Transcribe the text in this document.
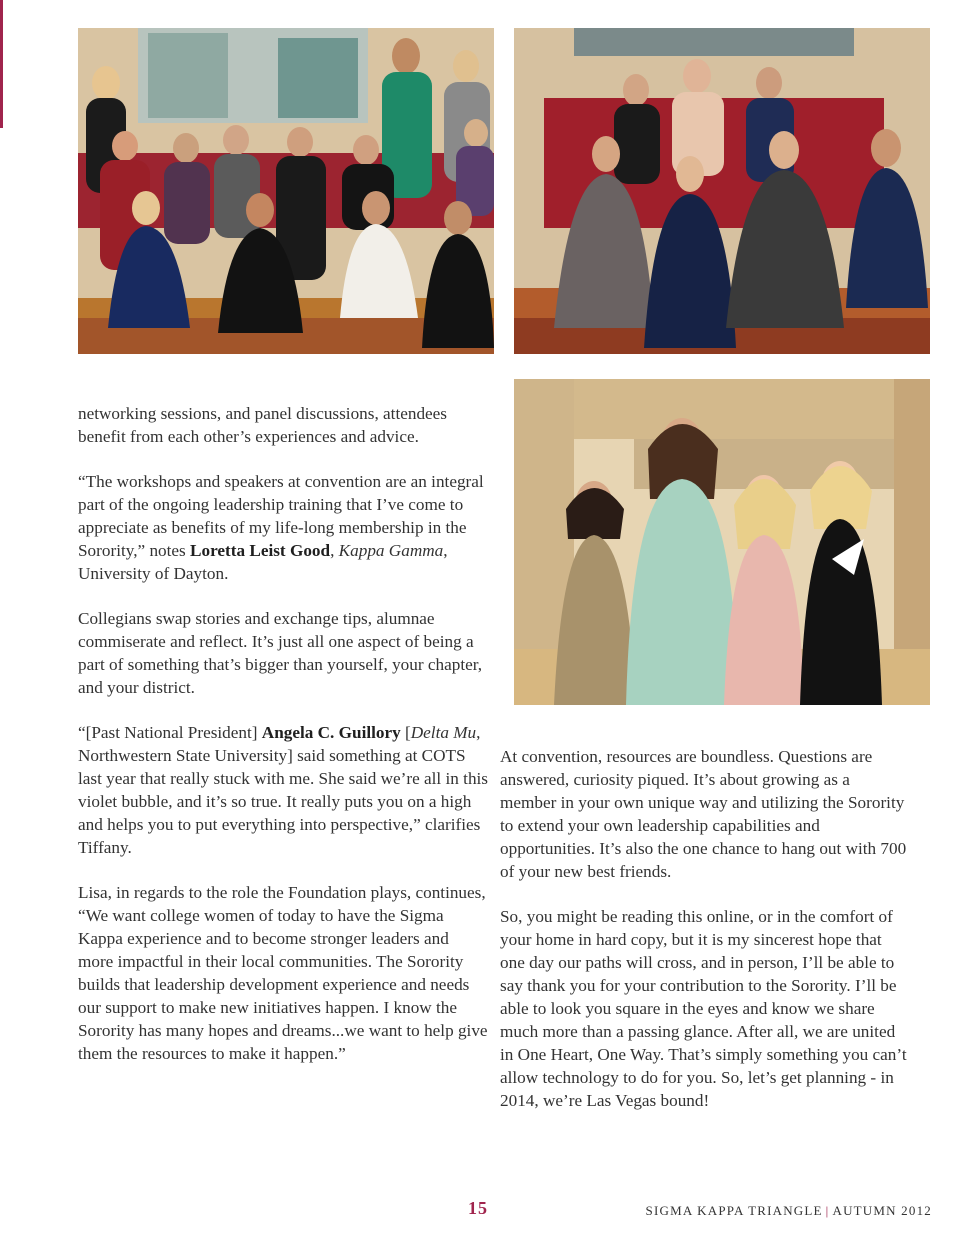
networking sessions, and panel discussions, attendees benefit from each other’s experiences and advice.

“The workshops and speakers at convention are an integral part of the ongoing leadership training that I’ve come to appreciate as benefits of my life-long membership in the Sorority,” notes Loretta Leist Good, Kappa Gamma, University of Dayton.

Collegians swap stories and exchange tips, alumnae commiserate and reflect. It’s just all one aspect of being a part of something that’s bigger than yourself, your chapter, and your district.

“[Past National President] Angela C. Guillory [Delta Mu, Northwestern State University] said something at COTS last year that really stuck with me. She said we’re all in this violet bubble, and it’s so true. It really puts you on a high and helps you to put everything into perspective,” clarifies Tiffany.

Lisa, in regards to the role the Foundation plays, continues, “We want college women of today to have the Sigma Kappa experience and to become stronger leaders and more impactful in their local communities. The Sorority builds that leadership development experience and needs our support to make new initiatives happen. I know the Sorority has many hopes and dreams...we want to help give them the resources to make it happen.”

At convention, resources are boundless. Questions are answered, curiosity piqued. It’s about growing as a member in your own unique way and utilizing the Sorority to extend your own leadership capabilities and opportunities. It’s also the one chance to hang out with 700 of your new best friends.

So, you might be reading this online, or in the comfort of your home in hard copy, but it is my sincerest hope that one day our paths will cross, and in person, I’ll be able to say thank you for your contribution to the Sorority. I’ll be able to look you square in the eyes and know we share much more than a passing glance. After all, we are united in One Heart, One Way. That’s simply something you can’t allow technology to do for you. So, let’s get planning - in 2014, we’re Las Vegas bound!

15	SIGMA KAPPA TRIANGLE | AUTUMN 2012
